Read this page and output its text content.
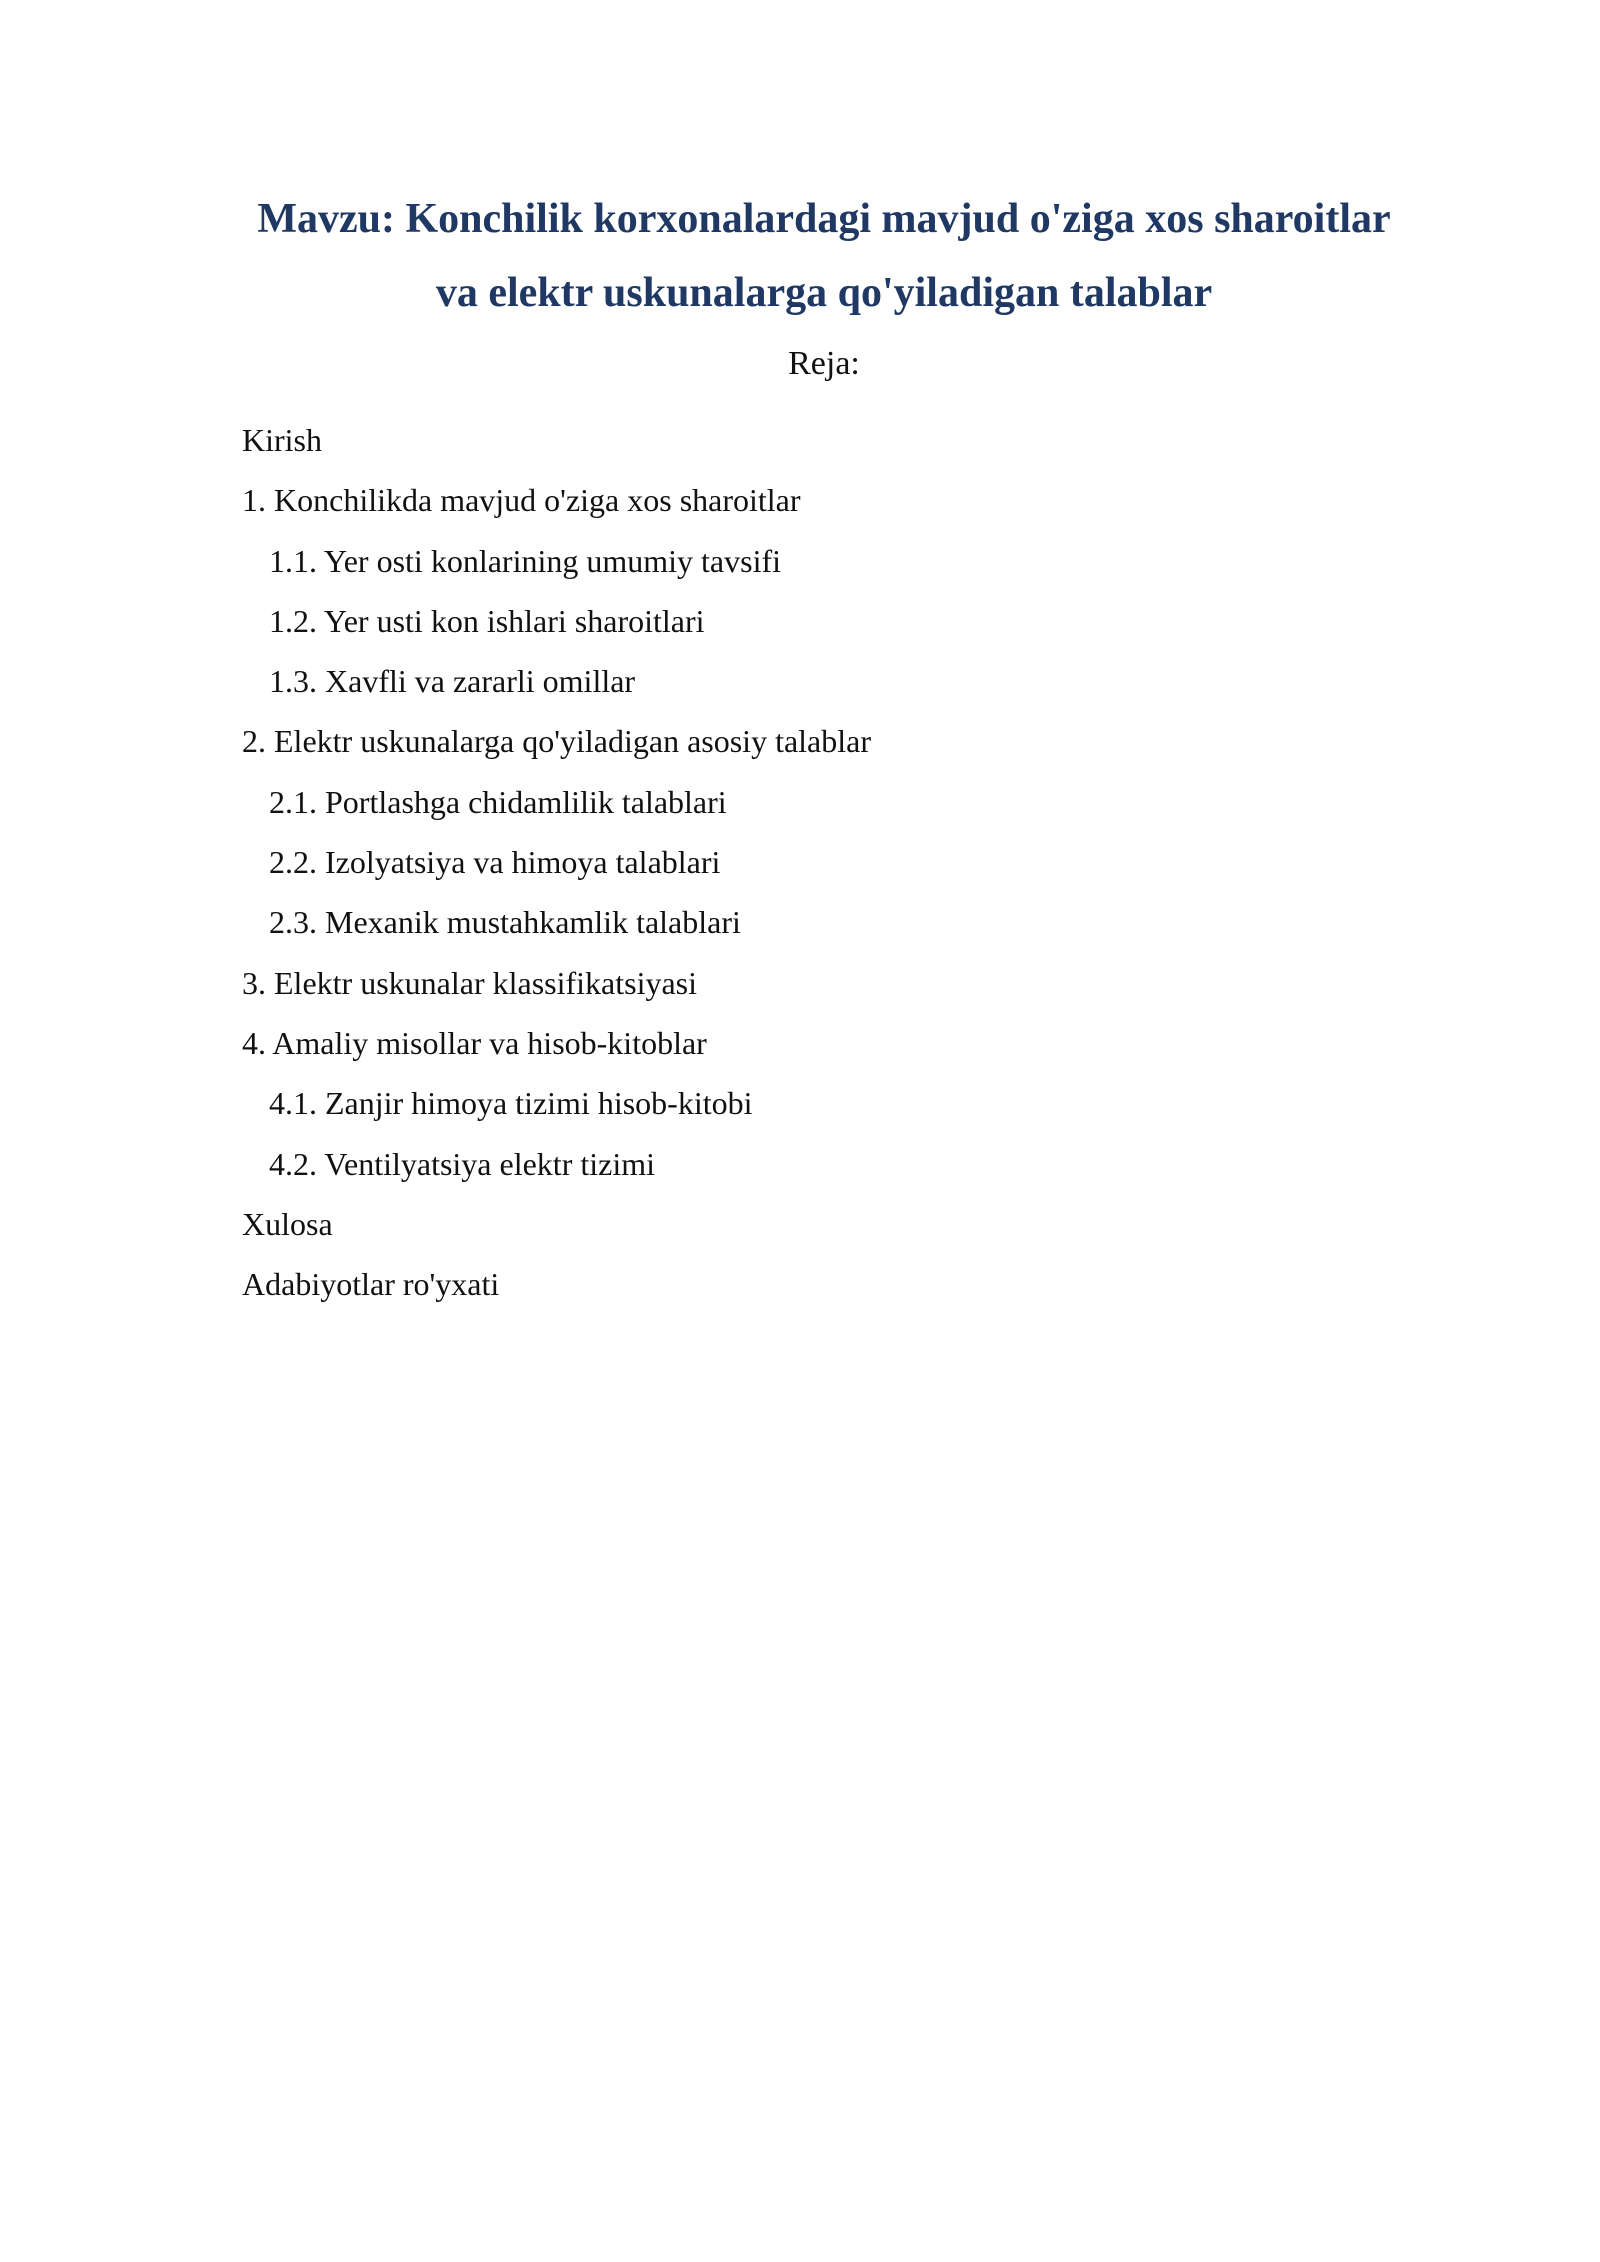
Mavzu: Konchilik korxonalardagi mavjud o'ziga xos sharoitlar
va elektr uskunalarga qo'yiladigan talablar
Reja:
Kirish
1. Konchilikda mavjud o'ziga xos sharoitlar
1.1. Yer osti konlarining umumiy tavsifi
1.2. Yer usti kon ishlari sharoitlari
1.3. Xavfli va zararli omillar
2. Elektr uskunalarga qo'yiladigan asosiy talablar
2.1. Portlashga chidamlilik talablari
2.2. Izolyatsiya va himoya talablari
2.3. Mexanik mustahkamlik talablari
3. Elektr uskunalar klassifikatsiyasi
4. Amaliy misollar va hisob-kitoblar
4.1. Zanjir himoya tizimi hisob-kitobi
4.2. Ventilyatsiya elektr tizimi
Xulosa
Adabiyotlar ro'yxati
